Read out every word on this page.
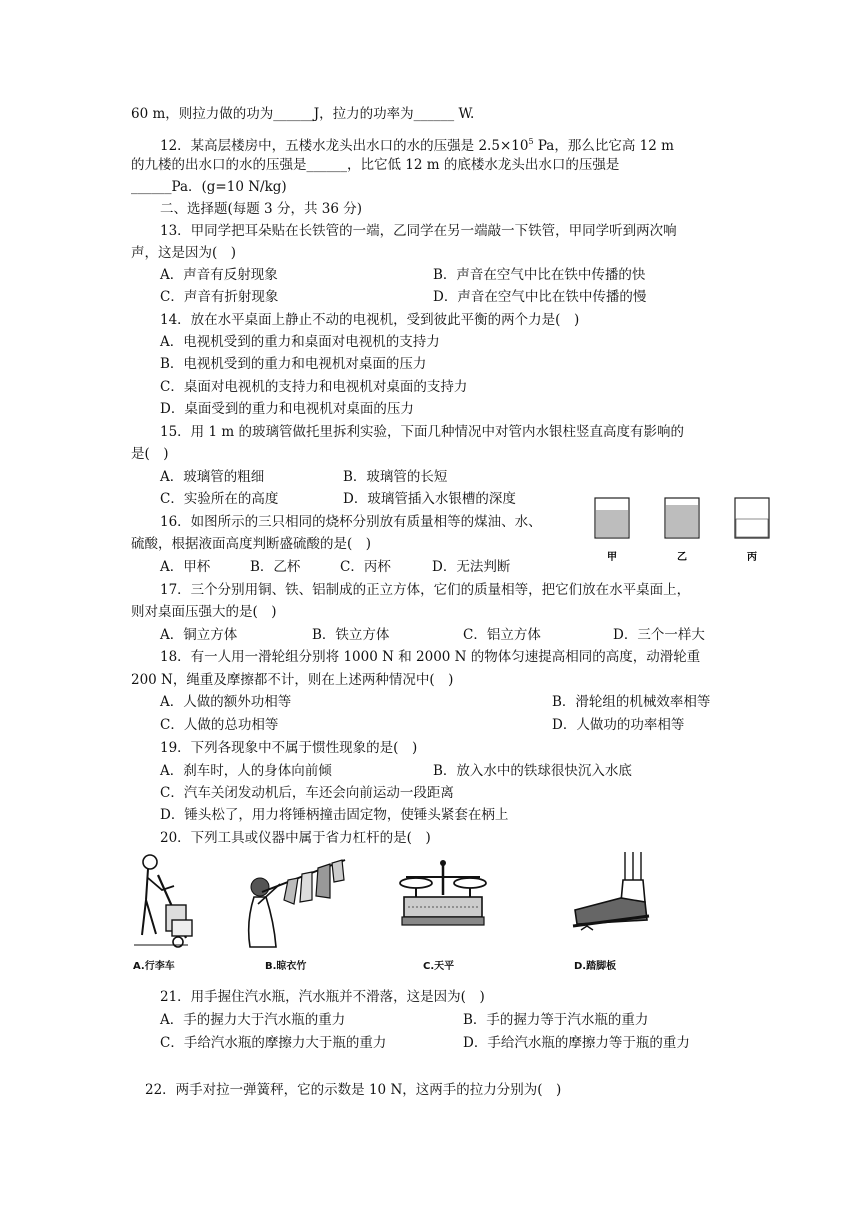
60 m，则拉力做的功为______J，拉力的功率为______ W.
12．某高层楼房中，五楼水龙头出水口的水的压强是 $2.5\times 10^5$ Pa，那么比它高 12 m
的九楼的出水口的水的压强是______，比它低 12 m 的底楼水龙头出水口的压强是
______Pa．(g=10 N/kg)
二、选择题(每题 3 分，共 36 分)
13．甲同学把耳朵贴在长铁管的一端，乙同学在另一端敲一下铁管，甲同学听到两次响
声，这是因为(　)
A．声音有反射现象	B．声音在空气中比在铁中传播的快
C．声音有折射现象	D．声音在空气中比在铁中传播的慢
14．放在水平桌面上静止不动的电视机，受到彼此平衡的两个力是(　)
A．电视机受到的重力和桌面对电视机的支持力
B．电视机受到的重力和电视机对桌面的压力
C．桌面对电视机的支持力和电视机对桌面的支持力
D．桌面受到的重力和电视机对桌面的压力
15．用 1 m 的玻璃管做托里拆利实验，下面几种情况中对管内水银柱竖直高度有影响的
是(　)
A．玻璃管的粗细	B．玻璃管的长短
C．实验所在的高度	D．玻璃管插入水银槽的深度
16．如图所示的三只相同的烧杯分别放有质量相等的煤油、水、
硫酸，根据液面高度判断盛硫酸的是(　)
A．甲杯	B．乙杯	C．丙杯	D．无法判断
甲	乙	丙
17．三个分别用铜、铁、铝制成的正立方体，它们的质量相等，把它们放在水平桌面上，
则对桌面压强大的是(　)
A．铜立方体	B．铁立方体	C．铝立方体	D．三个一样大
18．有一人用一滑轮组分别将 1000 N 和 2000 N 的物体匀速提高相同的高度，动滑轮重
200 N，绳重及摩擦都不计，则在上述两种情况中(　)
A．人做的额外功相等	B．滑轮组的机械效率相等
C．人做的总功相等	D．人做功的功率相等
19．下列各现象中不属于惯性现象的是(　)
A．刹车时，人的身体向前倾	B．放入水中的铁球很快沉入水底
C．汽车关闭发动机后，车还会向前运动一段距离
D．锤头松了，用力将锤柄撞击固定物，使锤头紧套在柄上
20．下列工具或仪器中属于省力杠杆的是(　)
A.行李车	B.晾衣竹	C.天平	D.踏脚板
21．用手握住汽水瓶，汽水瓶并不滑落，这是因为(　)
A．手的握力大于汽水瓶的重力	B．手的握力等于汽水瓶的重力
C．手给汽水瓶的摩擦力大于瓶的重力	D．手给汽水瓶的摩擦力等于瓶的重力
22．两手对拉一弹簧秤，它的示数是 10 N，这两手的拉力分别为(　)
